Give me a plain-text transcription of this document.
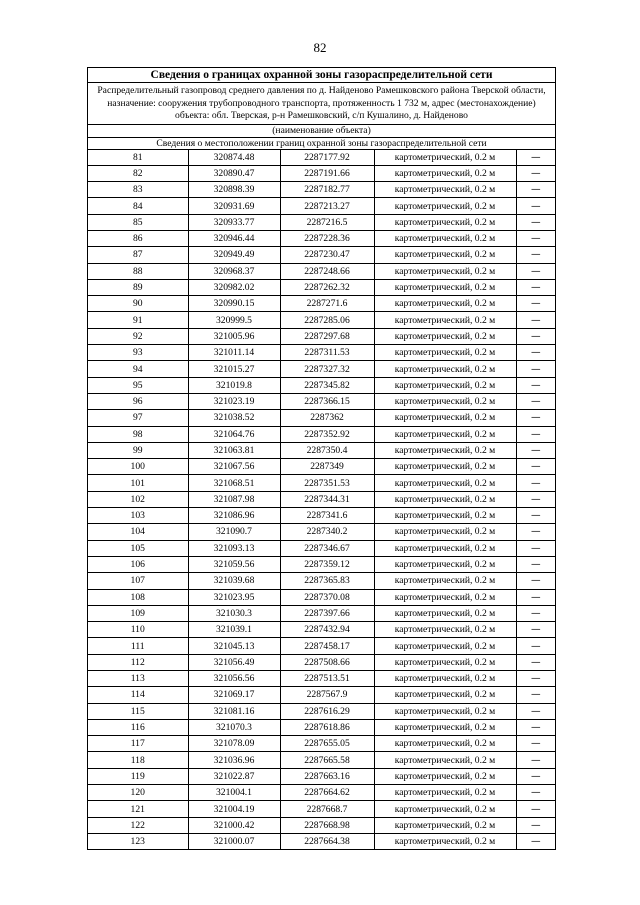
82
Сведения о границах охранной зоны газораспределительной сети
Распределительный газопровод среднего давления по д. Найденово Рамешковского района Тверской области, назначение: сооружения трубопроводного транспорта, протяженность 1 732 м, адрес (местонахождение) объекта: обл. Тверская, р-н Рамешковский, с/п Кушалино, д. Найденово
(наименование объекта)
Сведения о местоположении границ охранной зоны газораспределительной сети
81	320874.48	2287177.92	картометрический, 0.2 м	—
82	320890.47	2287191.66	картометрический, 0.2 м	—
83	320898.39	2287182.77	картометрический, 0.2 м	—
84	320931.69	2287213.27	картометрический, 0.2 м	—
85	320933.77	2287216.5	картометрический, 0.2 м	—
86	320946.44	2287228.36	картометрический, 0.2 м	—
87	320949.49	2287230.47	картометрический, 0.2 м	—
88	320968.37	2287248.66	картометрический, 0.2 м	—
89	320982.02	2287262.32	картометрический, 0.2 м	—
90	320990.15	2287271.6	картометрический, 0.2 м	—
91	320999.5	2287285.06	картометрический, 0.2 м	—
92	321005.96	2287297.68	картометрический, 0.2 м	—
93	321011.14	2287311.53	картометрический, 0.2 м	—
94	321015.27	2287327.32	картометрический, 0.2 м	—
95	321019.8	2287345.82	картометрический, 0.2 м	—
96	321023.19	2287366.15	картометрический, 0.2 м	—
97	321038.52	2287362	картометрический, 0.2 м	—
98	321064.76	2287352.92	картометрический, 0.2 м	—
99	321063.81	2287350.4	картометрический, 0.2 м	—
100	321067.56	2287349	картометрический, 0.2 м	—
101	321068.51	2287351.53	картометрический, 0.2 м	—
102	321087.98	2287344.31	картометрический, 0.2 м	—
103	321086.96	2287341.6	картометрический, 0.2 м	—
104	321090.7	2287340.2	картометрический, 0.2 м	—
105	321093.13	2287346.67	картометрический, 0.2 м	—
106	321059.56	2287359.12	картометрический, 0.2 м	—
107	321039.68	2287365.83	картометрический, 0.2 м	—
108	321023.95	2287370.08	картометрический, 0.2 м	—
109	321030.3	2287397.66	картометрический, 0.2 м	—
110	321039.1	2287432.94	картометрический, 0.2 м	—
111	321045.13	2287458.17	картометрический, 0.2 м	—
112	321056.49	2287508.66	картометрический, 0.2 м	—
113	321056.56	2287513.51	картометрический, 0.2 м	—
114	321069.17	2287567.9	картометрический, 0.2 м	—
115	321081.16	2287616.29	картометрический, 0.2 м	—
116	321070.3	2287618.86	картометрический, 0.2 м	—
117	321078.09	2287655.05	картометрический, 0.2 м	—
118	321036.96	2287665.58	картометрический, 0.2 м	—
119	321022.87	2287663.16	картометрический, 0.2 м	—
120	321004.1	2287664.62	картометрический, 0.2 м	—
121	321004.19	2287668.7	картометрический, 0.2 м	—
122	321000.42	2287668.98	картометрический, 0.2 м	—
123	321000.07	2287664.38	картометрический, 0.2 м	—
